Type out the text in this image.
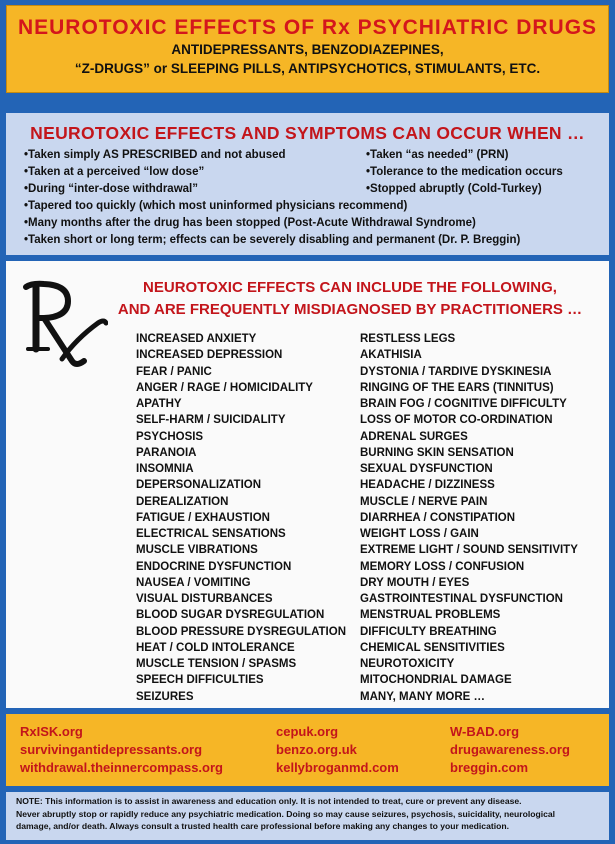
NEUROTOXIC EFFECTS OF Rx PSYCHIATRIC DRUGS
ANTIDEPRESSANTS, BENZODIAZEPINES,
“Z-DRUGS” or SLEEPING PILLS, ANTIPSYCHOTICS, STIMULANTS, ETC.
NEUROTOXIC EFFECTS AND SYMPTOMS CAN OCCUR WHEN …
•Taken simply AS PRESCRIBED and not abused
•Taken at a perceived “low dose”
•During “inter-dose withdrawal”
•Taken “as needed” (PRN)
•Tolerance to the medication occurs
•Stopped abruptly (Cold-Turkey)
•Tapered too quickly (which most uninformed physicians recommend)
•Many months after the drug has been stopped (Post-Acute Withdrawal Syndrome)
•Taken short or long term; effects can be severely disabling and permanent (Dr. P. Breggin)
NEUROTOXIC EFFECTS CAN INCLUDE THE FOLLOWING,
AND ARE FREQUENTLY MISDIAGNOSED BY PRACTITIONERS …
INCREASED ANXIETY
INCREASED DEPRESSION
FEAR / PANIC
ANGER / RAGE / HOMICIDALITY
APATHY
SELF-HARM / SUICIDALITY
PSYCHOSIS
PARANOIA
INSOMNIA
DEPERSONALIZATION
DEREALIZATION
FATIGUE / EXHAUSTION
ELECTRICAL SENSATIONS
MUSCLE VIBRATIONS
ENDOCRINE DYSFUNCTION
NAUSEA / VOMITING
VISUAL DISTURBANCES
BLOOD SUGAR DYSREGULATION
BLOOD PRESSURE DYSREGULATION
HEAT / COLD INTOLERANCE
MUSCLE TENSION / SPASMS
SPEECH DIFFICULTIES
SEIZURES
RESTLESS LEGS
AKATHISIA
DYSTONIA / TARDIVE DYSKINESIA
RINGING OF THE EARS (TINNITUS)
BRAIN FOG / COGNITIVE DIFFICULTY
LOSS OF MOTOR CO-ORDINATION
ADRENAL SURGES
BURNING SKIN SENSATION
SEXUAL DYSFUNCTION
HEADACHE / DIZZINESS
MUSCLE / NERVE PAIN
DIARRHEA / CONSTIPATION
WEIGHT LOSS / GAIN
EXTREME LIGHT / SOUND SENSITIVITY
MEMORY LOSS / CONFUSION
DRY MOUTH / EYES
GASTROINTESTINAL DYSFUNCTION
MENSTRUAL PROBLEMS
DIFFICULTY BREATHING
CHEMICAL SENSITIVITIES
NEUROTOXICITY
MITOCHONDRIAL DAMAGE
MANY, MANY MORE …
RxISK.org
survivingantidepressants.org
withdrawal.theinnercompass.org
cepuk.org
benzo.org.uk
kellybroganmd.com
W-BAD.org
drugawareness.org
breggin.com
NOTE: This information is to assist in awareness and education only. It is not intended to treat, cure or prevent any disease.
Never abruptly stop or rapidly reduce any psychiatric medication. Doing so may cause seizures, psychosis, suicidality, neurological
damage, and/or death. Always consult a trusted health care professional before making any changes to your medication.
